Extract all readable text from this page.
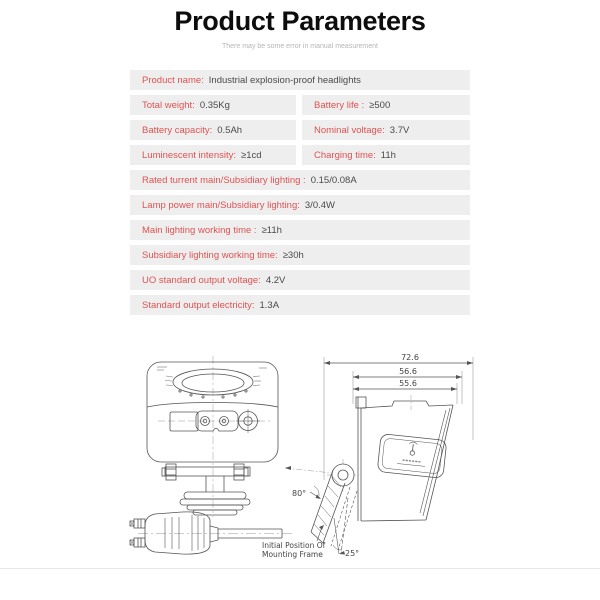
Product Parameters
There may be some error in manual measurement
Product name: Industrial explosion-proof headlights
Total weight: 0.35Kg	Battery life : ≥500
Battery capacity: 0.5Ah	Nominal voltage: 3.7V
Luminescent intensity: ≥1cd	Charging time: 11h
Rated turrent main/Subsidiary lighting : 0.15/0.08A
Lamp power main/Subsidiary lighting: 3/0.4W
Main lighting working time : ≥11h
Subsidiary lighting working time: ≥30h
UO standard output voltage: 4.2V
Standard output electricity: 1.3A
72.6
56.6
55.6
80°
25°
Initial Position Of
Mounting Frame
